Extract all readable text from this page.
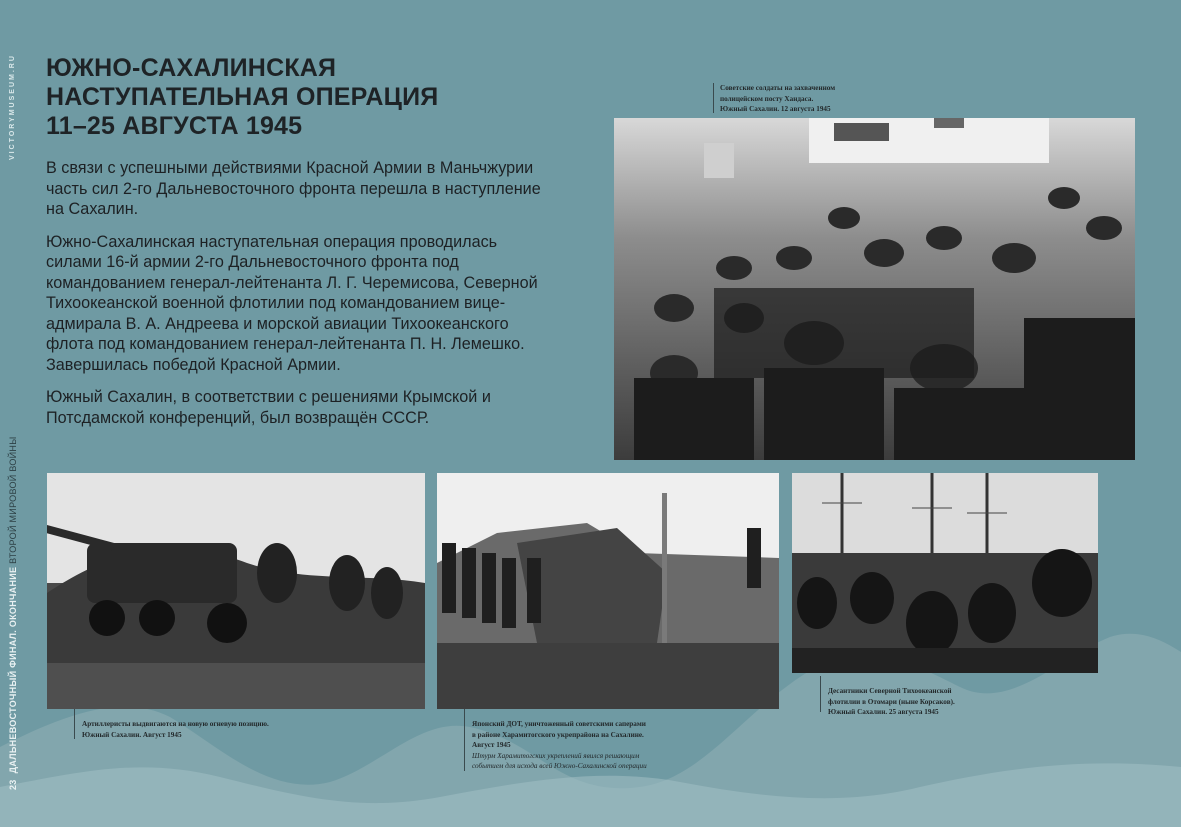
VICTORYMUSEUM.RU
23ДАЛЬНЕВОСТОЧНЫЙ ФИНАЛ. ОКОНЧАНИЕ ВТОРОЙ МИРОВОЙ ВОЙНЫ
ЮЖНО-САХАЛИНСКАЯ
НАСТУПАТЕЛЬНАЯ ОПЕРАЦИЯ
11–25 АВГУСТА 1945

В связи с успешными действиями Красной Армии в Маньчжурии часть сил 2-го Дальневосточного фронта перешла в наступление на Сахалин.

Южно-Сахалинская наступательная операция проводилась силами 16-й армии 2-го Дальневосточного фронта под командованием генерал-лейтенанта Л. Г. Черемисова, Северной Тихоокеанской военной флотилии под командованием вице-адмирала В. А. Андреева и морской авиации Тихоокеанского флота под командованием генерал-лейтенанта П. Н. Лемешко. Завершилась победой Красной Армии.

Южный Сахалин, в соответствии с решениями Крымской и Потсдамской конференций, был возвращён СССР.

Советские солдаты на захваченном
полицейском посту Хандаса.
Южный Сахалин. 12 августа 1945
Артиллеристы выдвигаются на новую огневую позицию.
Южный Сахалин. Август 1945
Японский ДОТ, уничтоженный советскими саперами
в районе Харамитогского укрепрайона на Сахалине.
Август 1945
Штурм Харамитогских укреплений явился решающим
событием для исхода всей Южно-Сахалинской операции
Десантники Северной Тихоокеанской
флотилии в Отомари (ныне Корсаков).
Южный Сахалин. 25 августа 1945
